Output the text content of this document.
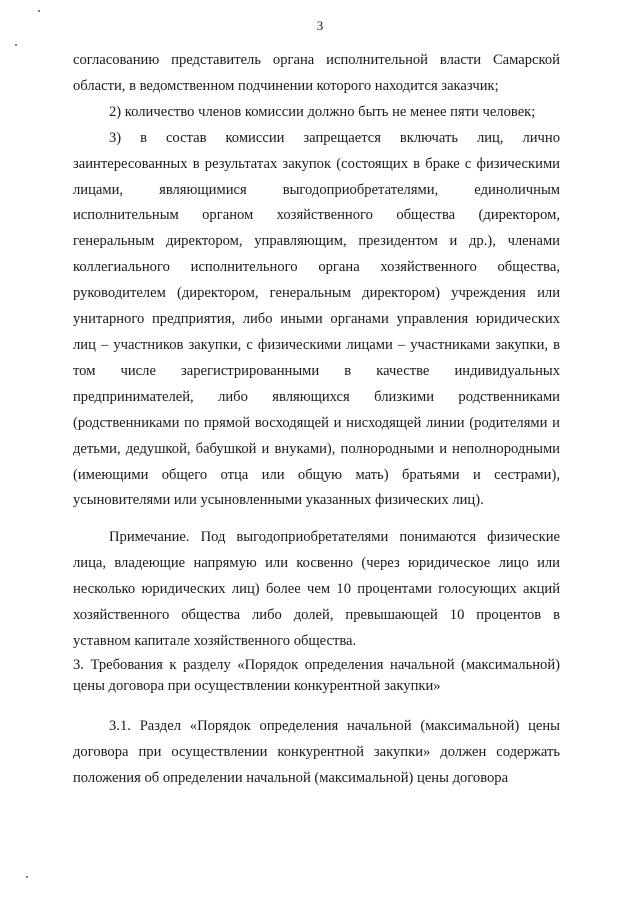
3

согласованию представитель органа исполнительной власти Самарской области, в ведомственном подчинении которого находится заказчик;

2) количество членов комиссии должно быть не менее пяти человек;

3) в состав комиссии запрещается включать лиц, лично заинтересованных в результатах закупок (состоящих в браке с физическими лицами, являющимися выгодоприобретателями, единоличным исполнительным органом хозяйственного общества (директором, генеральным директором, управляющим, президентом и др.), членами коллегиального исполнительного органа хозяйственного общества, руководителем (директором, генеральным директором) учреждения или унитарного предприятия, либо иными органами управления юридических лиц – участников закупки, с физическими лицами – участниками закупки, в том числе зарегистрированными в качестве индивидуальных предпринимателей, либо являющихся близкими родственниками (родственниками по прямой восходящей и нисходящей линии (родителями и детьми, дедушкой, бабушкой и внуками), полнородными и неполнородными (имеющими общего отца или общую мать) братьями и сестрами), усыновителями или усыновленными указанных физических лиц).

Примечание. Под выгодоприобретателями понимаются физические лица, владеющие напрямую или косвенно (через юридическое лицо или несколько юридических лиц) более чем 10 процентами голосующих акций хозяйственного общества либо долей, превышающей 10 процентов в уставном капитале хозяйственного общества.

3. Требования к разделу «Порядок определения начальной (максимальной) цены договора при осуществлении конкурентной закупки»

3.1. Раздел «Порядок определения начальной (максимальной) цены договора при осуществлении конкурентной закупки» должен содержать положения об определении начальной (максимальной) цены договора
